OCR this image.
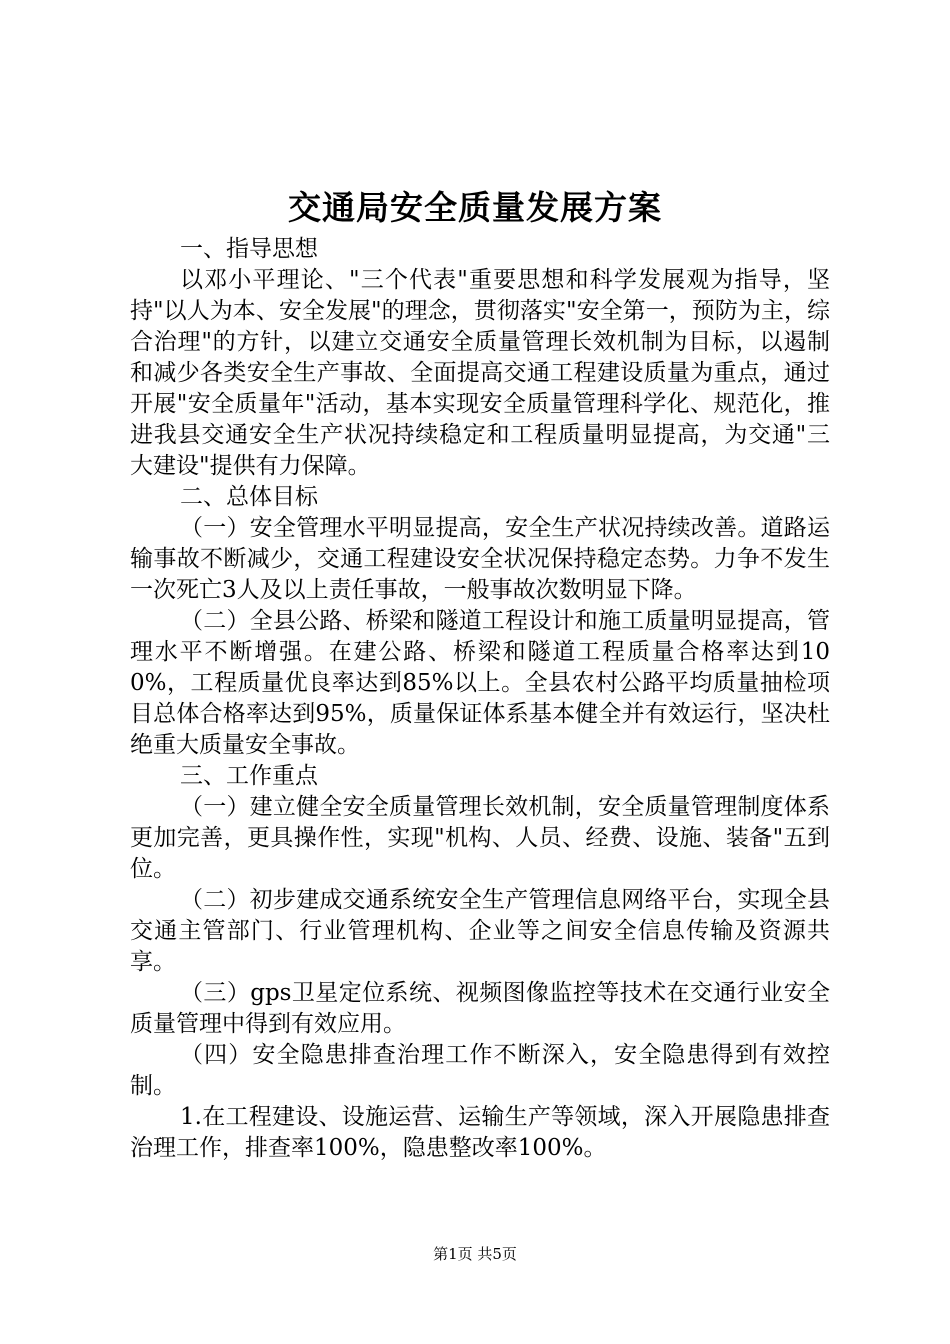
交通局安全质量发展方案

一、指导思想

以邓小平理论、"三个代表"重要思想和科学发展观为指导，坚持"以人为本、安全发展"的理念，贯彻落实"安全第一，预防为主，综合治理"的方针，以建立交通安全质量管理长效机制为目标，以遏制和减少各类安全生产事故、全面提高交通工程建设质量为重点，通过开展"安全质量年"活动，基本实现安全质量管理科学化、规范化，推进我县交通安全生产状况持续稳定和工程质量明显提高，为交通"三大建设"提供有力保障。

二、总体目标

（一）安全管理水平明显提高，安全生产状况持续改善。道路运输事故不断减少，交通工程建设安全状况保持稳定态势。力争不发生一次死亡3人及以上责任事故，一般事故次数明显下降。

（二）全县公路、桥梁和隧道工程设计和施工质量明显提高，管理水平不断增强。在建公路、桥梁和隧道工程质量合格率达到100%，工程质量优良率达到85%以上。全县农村公路平均质量抽检项目总体合格率达到95%，质量保证体系基本健全并有效运行，坚决杜绝重大质量安全事故。

三、工作重点

（一）建立健全安全质量管理长效机制，安全质量管理制度体系更加完善，更具操作性，实现"机构、人员、经费、设施、装备"五到位。

（二）初步建成交通系统安全生产管理信息网络平台，实现全县交通主管部门、行业管理机构、企业等之间安全信息传输及资源共享。

（三）gps卫星定位系统、视频图像监控等技术在交通行业安全质量管理中得到有效应用。

（四）安全隐患排查治理工作不断深入，安全隐患得到有效控制。

1.在工程建设、设施运营、运输生产等领域，深入开展隐患排查治理工作，排查率100%，隐患整改率100%。

第1页 共5页
